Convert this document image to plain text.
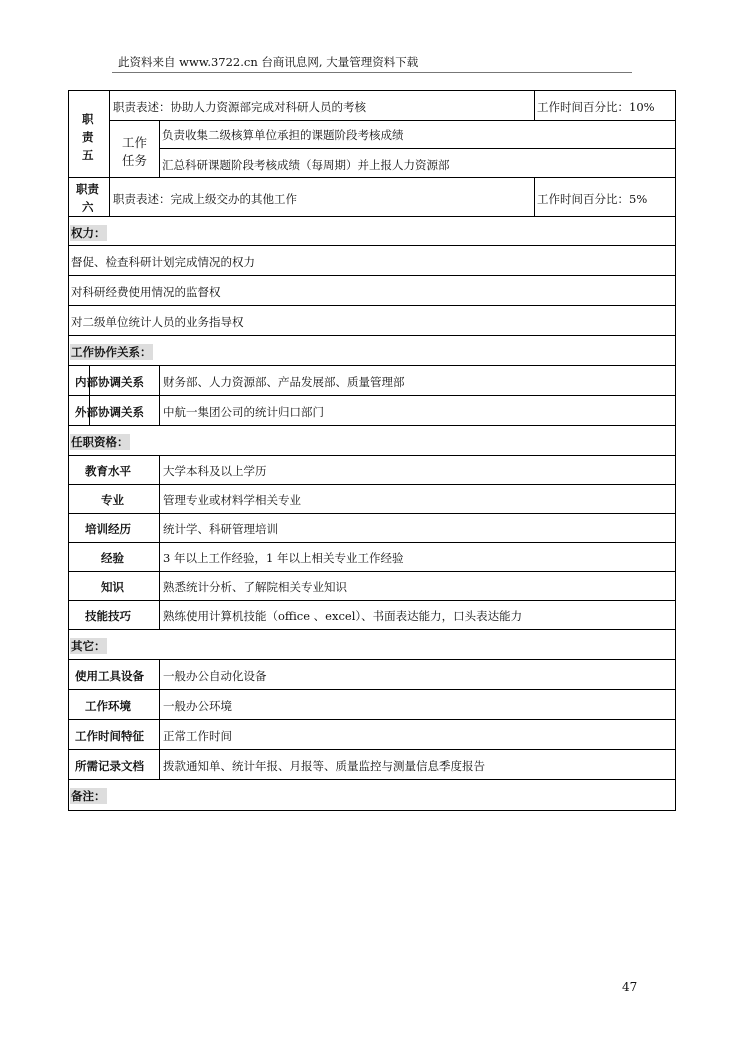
此资料来自 www.3722.cn 台商讯息网, 大量管理资料下载
职
责
五
职责表述：协助人力资源部完成对科研人员的考核	工作时间百分比：10%
工作
任务
负责收集二级核算单位承担的课题阶段考核成绩
汇总科研课题阶段考核成绩（每周期）并上报人力资源部
职责
六
职责表述：完成上级交办的其他工作	工作时间百分比：5%
权力：
督促、检查科研计划完成情况的权力
对科研经费使用情况的监督权
对二级单位统计人员的业务指导权
工作协作关系：
内部协调关系 财务部、人力资源部、产品发展部、质量管理部
外部协调关系 中航一集团公司的统计归口部门
任职资格：
教育水平	大学本科及以上学历
专业	管理专业或材料学相关专业
培训经历	统计学、科研管理培训
经验	3 年以上工作经验，1 年以上相关专业工作经验
知识	熟悉统计分析、了解院相关专业知识
技能技巧	熟练使用计算机技能（office 、excel）、书面表达能力，口头表达能力
其它：
使用工具设备 一般办公自动化设备
工作环境	一般办公环境
工作时间特征 正常工作时间
所需记录文档 拨款通知单、统计年报、月报等、质量监控与测量信息季度报告
备注：
47
